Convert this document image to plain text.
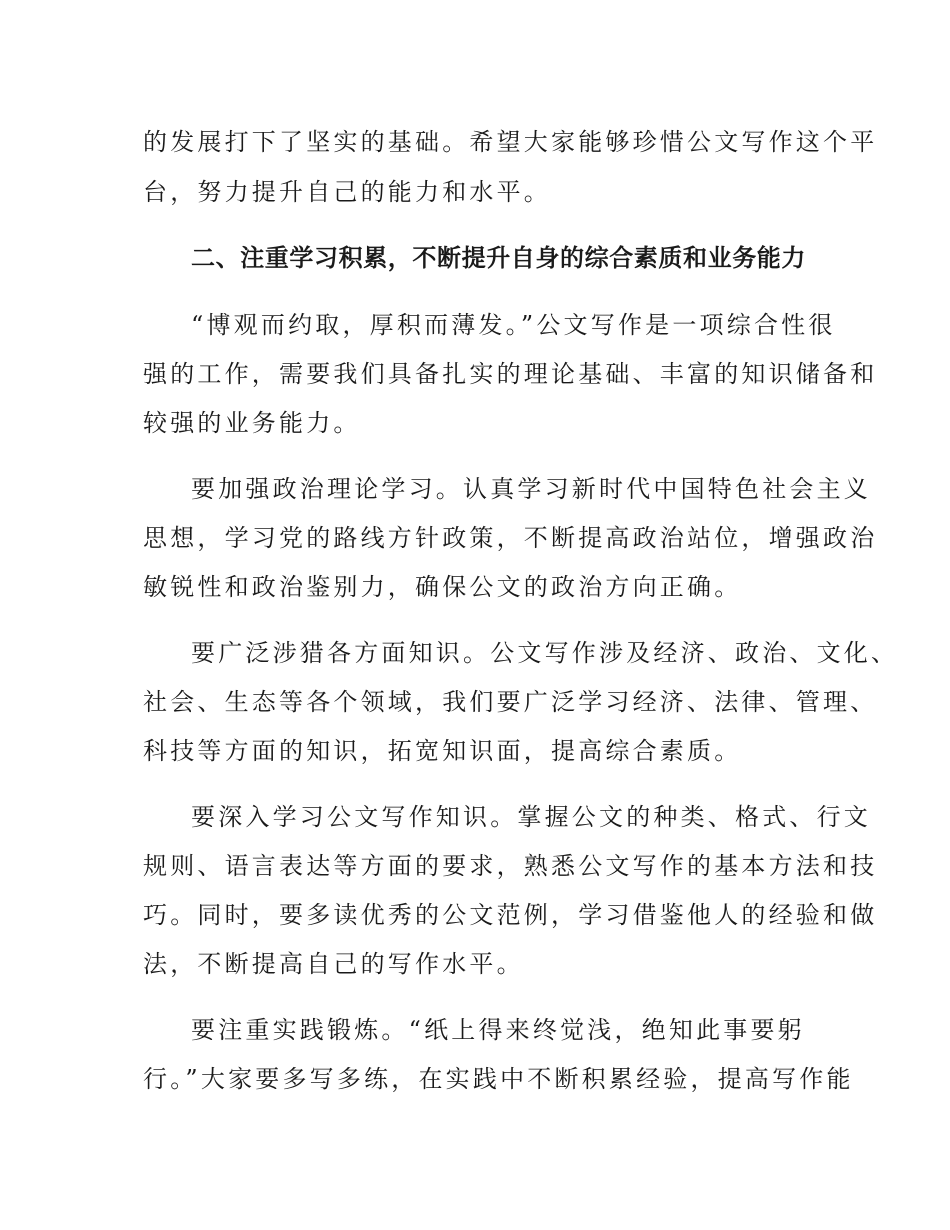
的发展打下了坚实的基础。希望大家能够珍惜公文写作这个平
台，努力提升自己的能力和水平。
二、注重学习积累，不断提升自身的综合素质和业务能力
“博观而约取，厚积而薄发。”公文写作是一项综合性很
强的工作，需要我们具备扎实的理论基础、丰富的知识储备和
较强的业务能力。
要加强政治理论学习。认真学习新时代中国特色社会主义
思想，学习党的路线方针政策，不断提高政治站位，增强政治
敏锐性和政治鉴别力，确保公文的政治方向正确。
要广泛涉猎各方面知识。公文写作涉及经济、政治、文化、
社会、生态等各个领域，我们要广泛学习经济、法律、管理、
科技等方面的知识，拓宽知识面，提高综合素质。
要深入学习公文写作知识。掌握公文的种类、格式、行文
规则、语言表达等方面的要求，熟悉公文写作的基本方法和技
巧。同时，要多读优秀的公文范例，学习借鉴他人的经验和做
法，不断提高自己的写作水平。
要注重实践锻炼。“纸上得来终觉浅，绝知此事要躬
行。”大家要多写多练，在实践中不断积累经验，提高写作能
